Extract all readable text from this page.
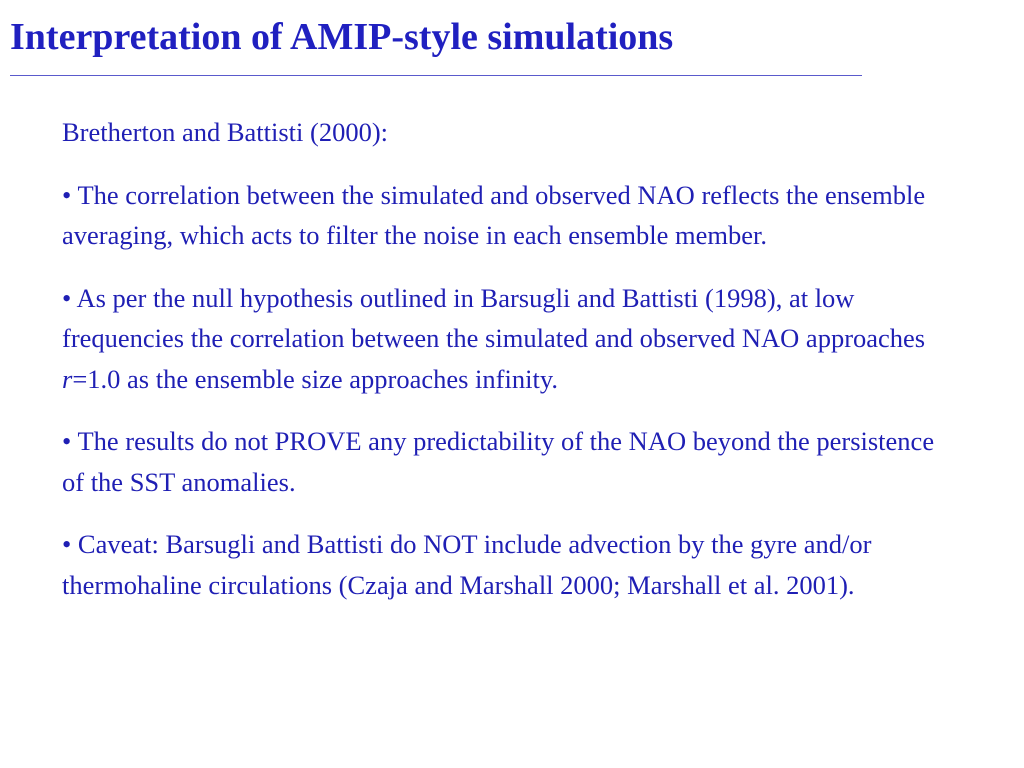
Interpretation of AMIP-style simulations

Bretherton and Battisti (2000):

• The correlation between the simulated and observed NAO reflects the ensemble averaging, which acts to filter the noise in each ensemble member.

• As per the null hypothesis outlined in Barsugli and Battisti (1998), at low frequencies the correlation between the simulated and observed NAO approaches r=1.0 as the ensemble size approaches infinity.

• The results do not PROVE any predictability of the NAO beyond the persistence of the SST anomalies.

• Caveat: Barsugli and Battisti do NOT include advection by the gyre and/or thermohaline circulations (Czaja and Marshall 2000; Marshall et al. 2001).
